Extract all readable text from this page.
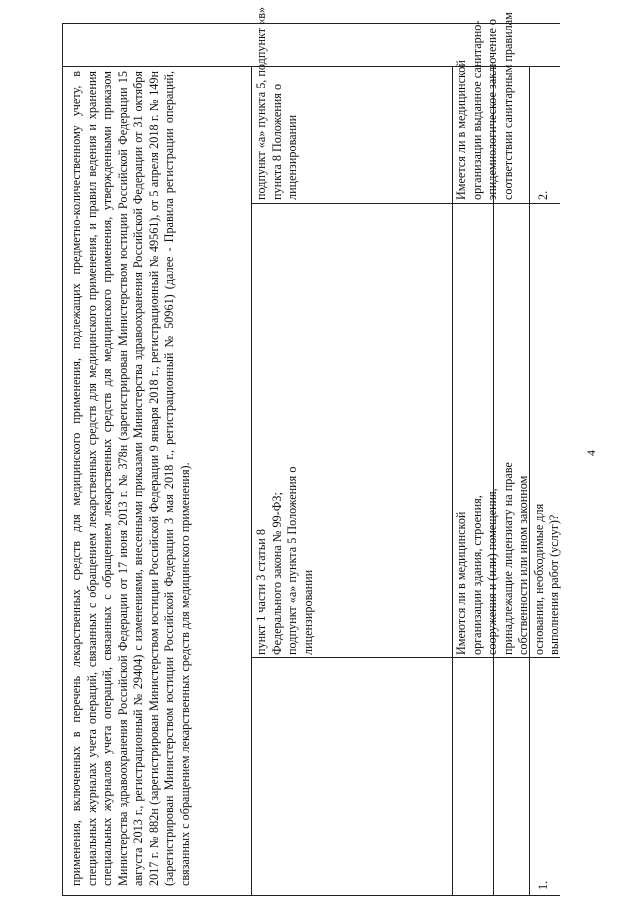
4
применения, включенных в перечень лекарственных средств для медицинского применения, подлежащих предметно-количественному учету, в специальных журналах учета операций, связанных с обращением лекарственных средств для медицинского применения, и правил ведения и хранения специальных журналов учета операций, связанных с обращением лекарственных средств для медицинского применения, утвержденными приказом Министерства здравоохранения Российской Федерации от 17 июня 2013 г. № 378н (зарегистрирован Министерством юстиции Российской Федерации 15 августа 2013 г., регистрационный № 29404) с изменениями, внесенными приказами Министерства здравоохранения Российской Федерации от 31 октября 2017 г. № 882н (зарегистрирован Министерством юстиции Российской Федерации 9 января 2018 г., регистрационный № 49561), от 5 апреля 2018 г. № 149н (зарегистрирован Министерством юстиции Российской Федерации 3 мая 2018 г., регистрационный № 50961) (далее - Правила регистрации операций, связанных с обращением лекарственных средств для медицинского применения).	1.
Имеются ли в медицинской организации здания, строения, сооружения и (или) помещения, принадлежащие лицензиату на праве собственности или ином законном основании, необходимые для выполнения работ (услуг)?
пункт 1 части 3 статьи 8 Федерального закона № 99-ФЗ; подпункт «а» пункта 5 Положения о лицензировании
2.
Имеется ли в медицинской организации выданное санитарно-эпидемиологическое заключение о соответствии санитарным правилам
подпункт «а» пункта 5, подпункт «в» пункта 8 Положения о лицензировании
